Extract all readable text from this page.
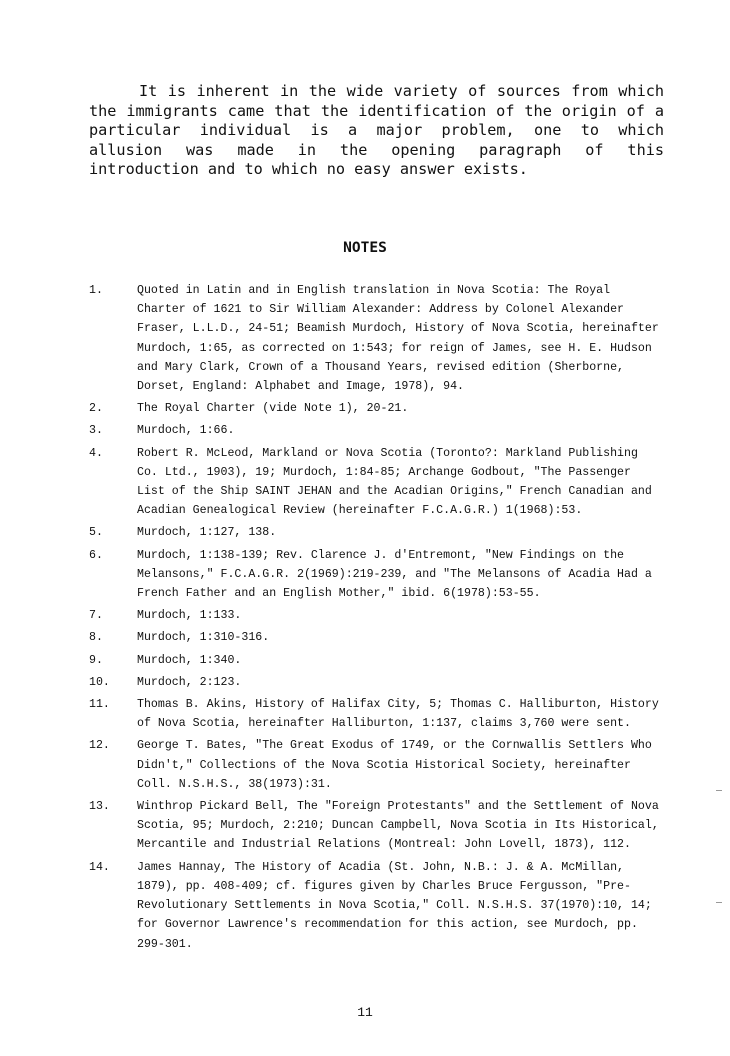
It is inherent in the wide variety of sources from which the immigrants came that the identification of the origin of a particular individual is a major problem, one to which allusion was made in the opening paragraph of this introduction and to which no easy answer exists.

NOTES
1.	Quoted in Latin and in English translation in Nova Scotia: The Royal Charter of 1621 to Sir William Alexander: Address by Colonel Alexander Fraser, L.L.D., 24-51; Beamish Murdoch, History of Nova Scotia, hereinafter Murdoch, 1:65, as corrected on 1:543; for reign of James, see H. E. Hudson and Mary Clark, Crown of a Thousand Years, revised edition (Sherborne, Dorset, England: Alphabet and Image, 1978), 94.
2.	The Royal Charter (vide Note 1), 20-21.
3.	Murdoch, 1:66.
4.	Robert R. McLeod, Markland or Nova Scotia (Toronto?: Markland Publishing Co. Ltd., 1903), 19; Murdoch, 1:84-85; Archange Godbout, "The Passenger List of the Ship SAINT JEHAN and the Acadian Origins," French Canadian and Acadian Genealogical Review (hereinafter F.C.A.G.R.) 1(1968):53.
5.	Murdoch, 1:127, 138.
6.	Murdoch, 1:138-139; Rev. Clarence J. d'Entremont, "New Findings on the Melansons," F.C.A.G.R. 2(1969):219-239, and "The Melansons of Acadia Had a French Father and an English Mother," ibid. 6(1978):53-55.
7.	Murdoch, 1:133.
8.	Murdoch, 1:310-316.
9.	Murdoch, 1:340.
10. Murdoch, 2:123.
11. Thomas B. Akins, History of Halifax City, 5; Thomas C. Halliburton, History of Nova Scotia, hereinafter Halliburton, 1:137, claims 3,760 were sent.
12. George T. Bates, "The Great Exodus of 1749, or the Cornwallis Settlers Who Didn't," Collections of the Nova Scotia Historical Society, hereinafter Coll. N.S.H.S., 38(1973):31.
13. Winthrop Pickard Bell, The "Foreign Protestants" and the Settlement of Nova Scotia, 95; Murdoch, 2:210; Duncan Campbell, Nova Scotia in Its Historical, Mercantile and Industrial Relations (Montreal: John Lovell, 1873), 112.
14. James Hannay, The History of Acadia (St. John, N.B.: J. & A. McMillan, 1879), pp. 408-409; cf. figures given by Charles Bruce Fergusson, "Pre-Revolutionary Settlements in Nova Scotia," Coll. N.S.H.S. 37(1970):10, 14; for Governor Lawrence's recommendation for this action, see Murdoch, pp. 299-301.
11
